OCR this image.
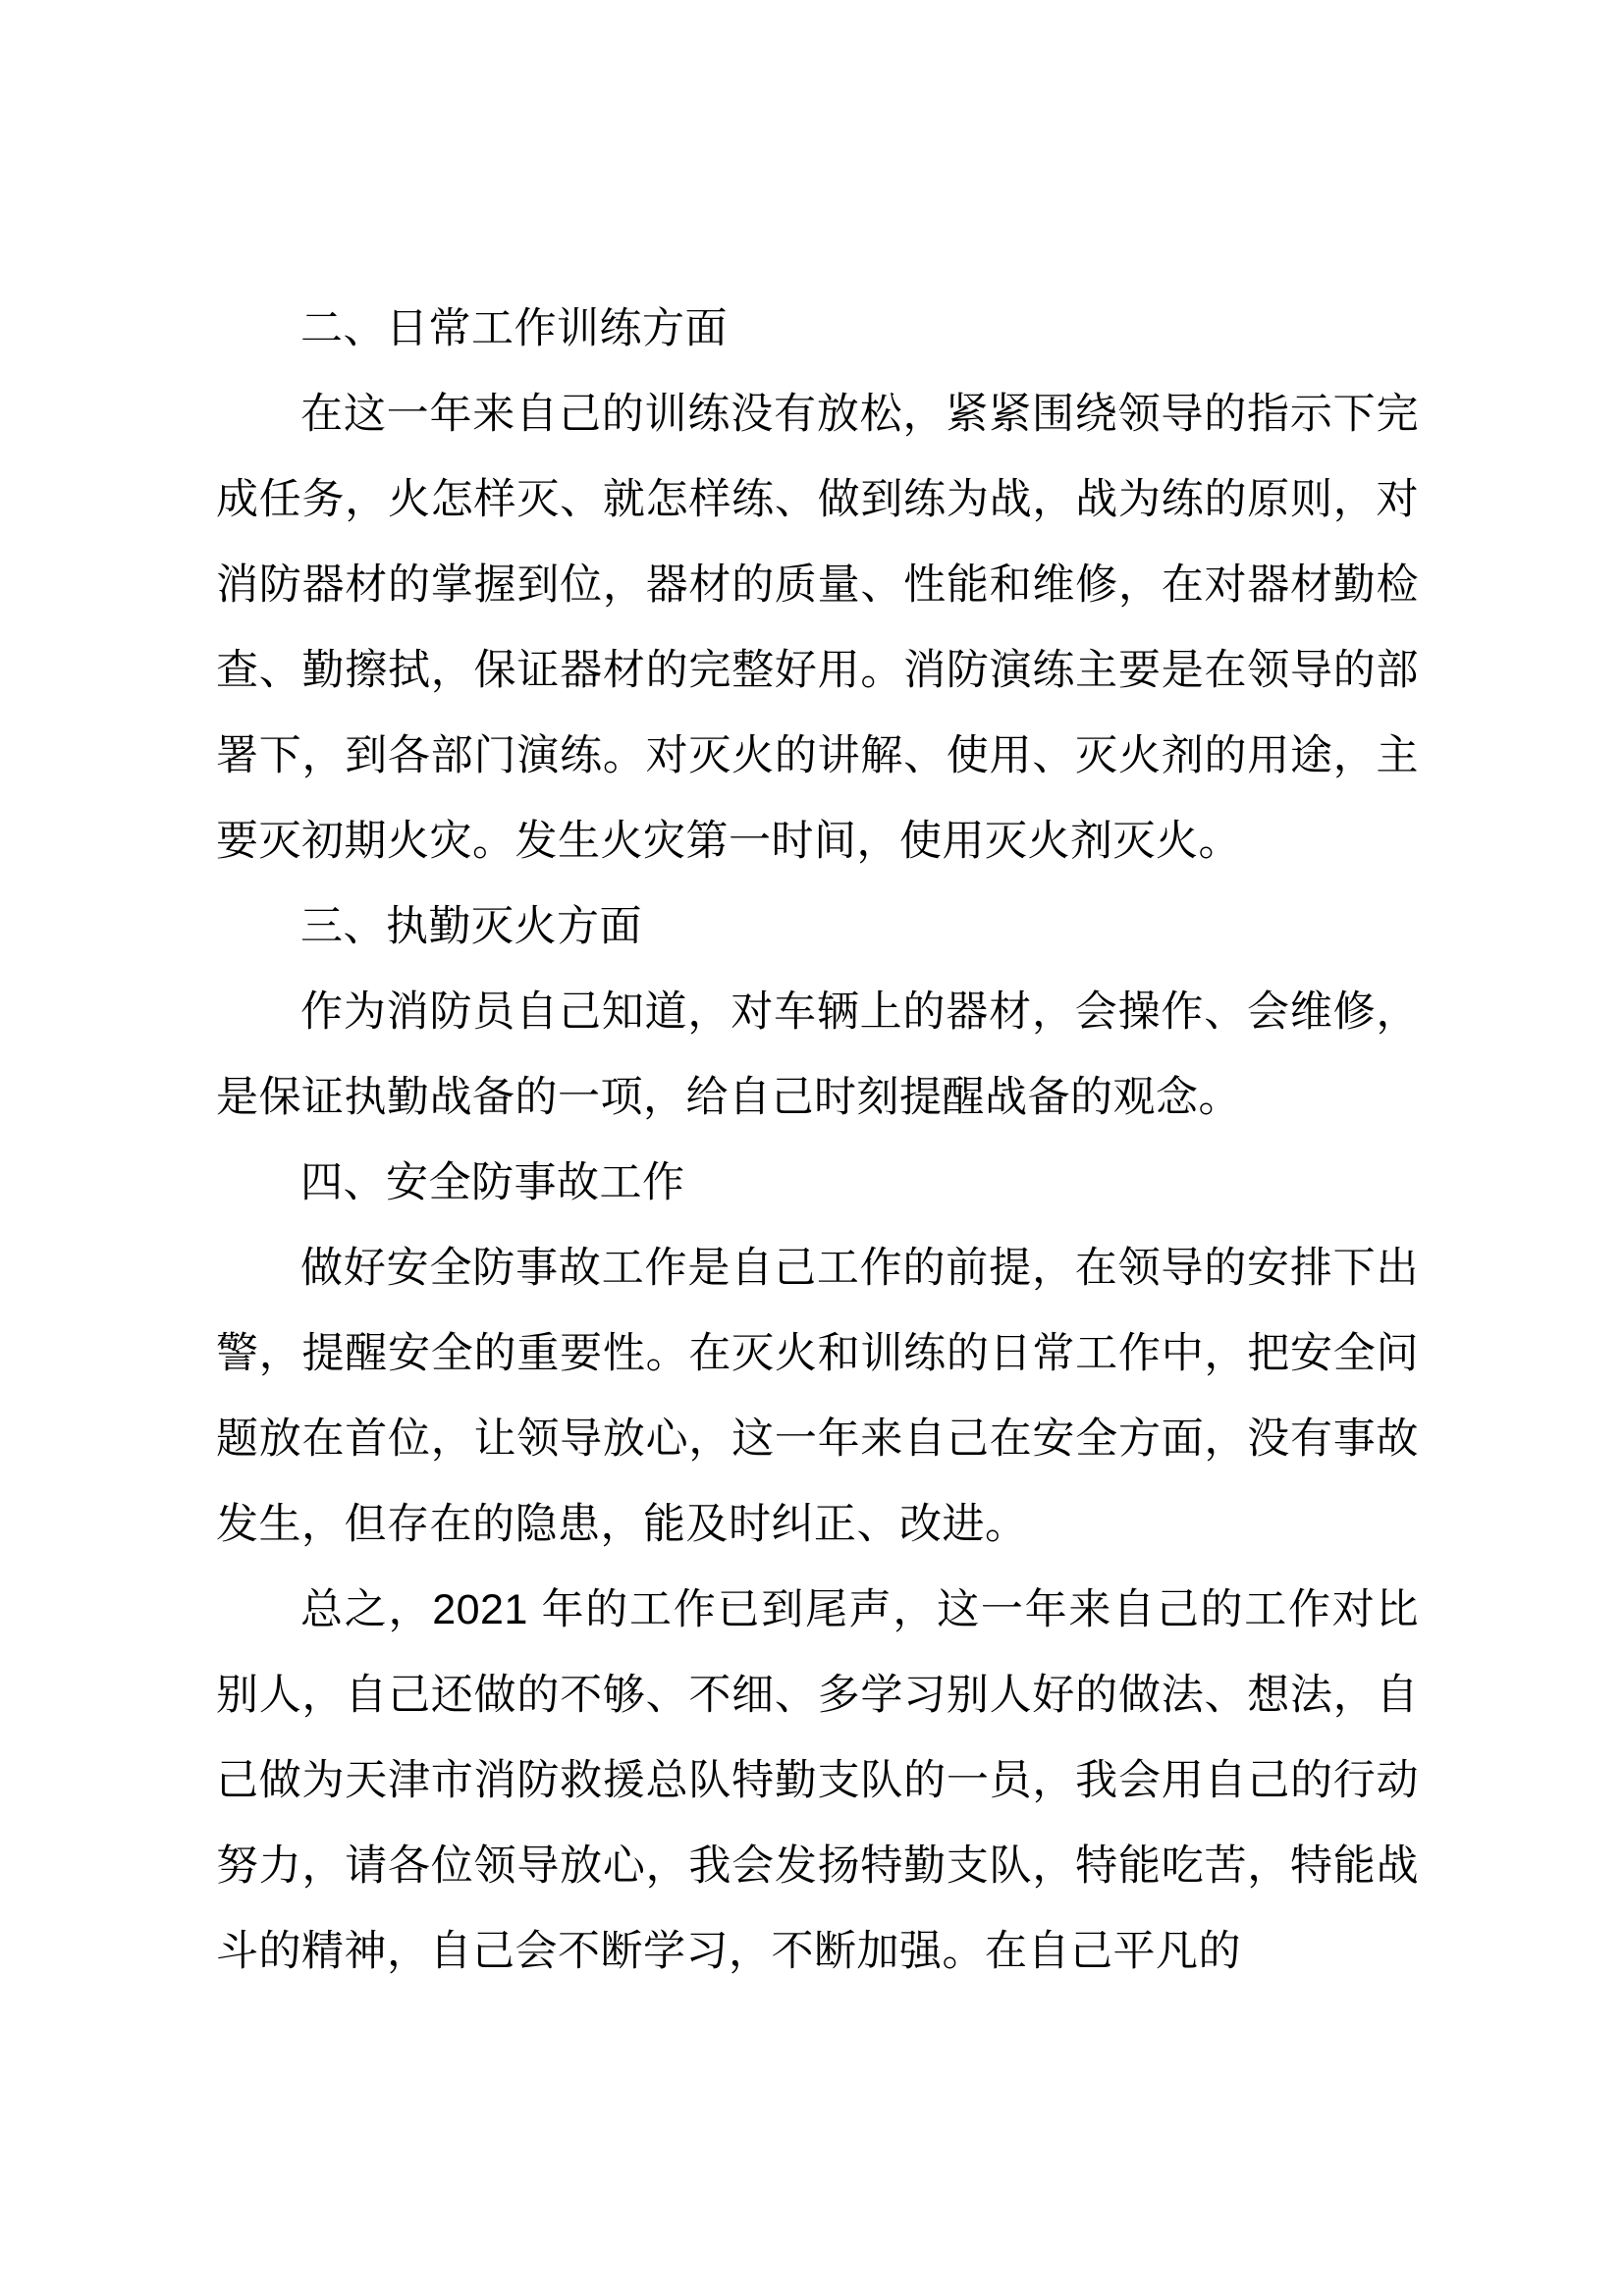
二、日常工作训练方面

在这一年来自己的训练没有放松，紧紧围绕领导的指示下完成任务，火怎样灭、就怎样练、做到练为战，战为练的原则，对消防器材的掌握到位，器材的质量、性能和维修，在对器材勤检查、勤擦拭，保证器材的完整好用。消防演练主要是在领导的部署下，到各部门演练。对灭火的讲解、使用、灭火剂的用途，主要灭初期火灾。发生火灾第一时间，使用灭火剂灭火。

三、执勤灭火方面

作为消防员自己知道，对车辆上的器材，会操作、会维修，是保证执勤战备的一项，给自己时刻提醒战备的观念。

四、安全防事故工作

做好安全防事故工作是自己工作的前提，在领导的安排下出警，提醒安全的重要性。在灭火和训练的日常工作中，把安全问题放在首位，让领导放心，这一年来自己在安全方面，没有事故发生，但存在的隐患，能及时纠正、改进。

总之，2021 年的工作已到尾声，这一年来自己的工作对比别人，自己还做的不够、不细、多学习别人好的做法、想法，自己做为天津市消防救援总队特勤支队的一员，我会用自己的行动努力，请各位领导放心，我会发扬特勤支队，特能吃苦，特能战斗的精神，自己会不断学习，不断加强。在自己平凡的
